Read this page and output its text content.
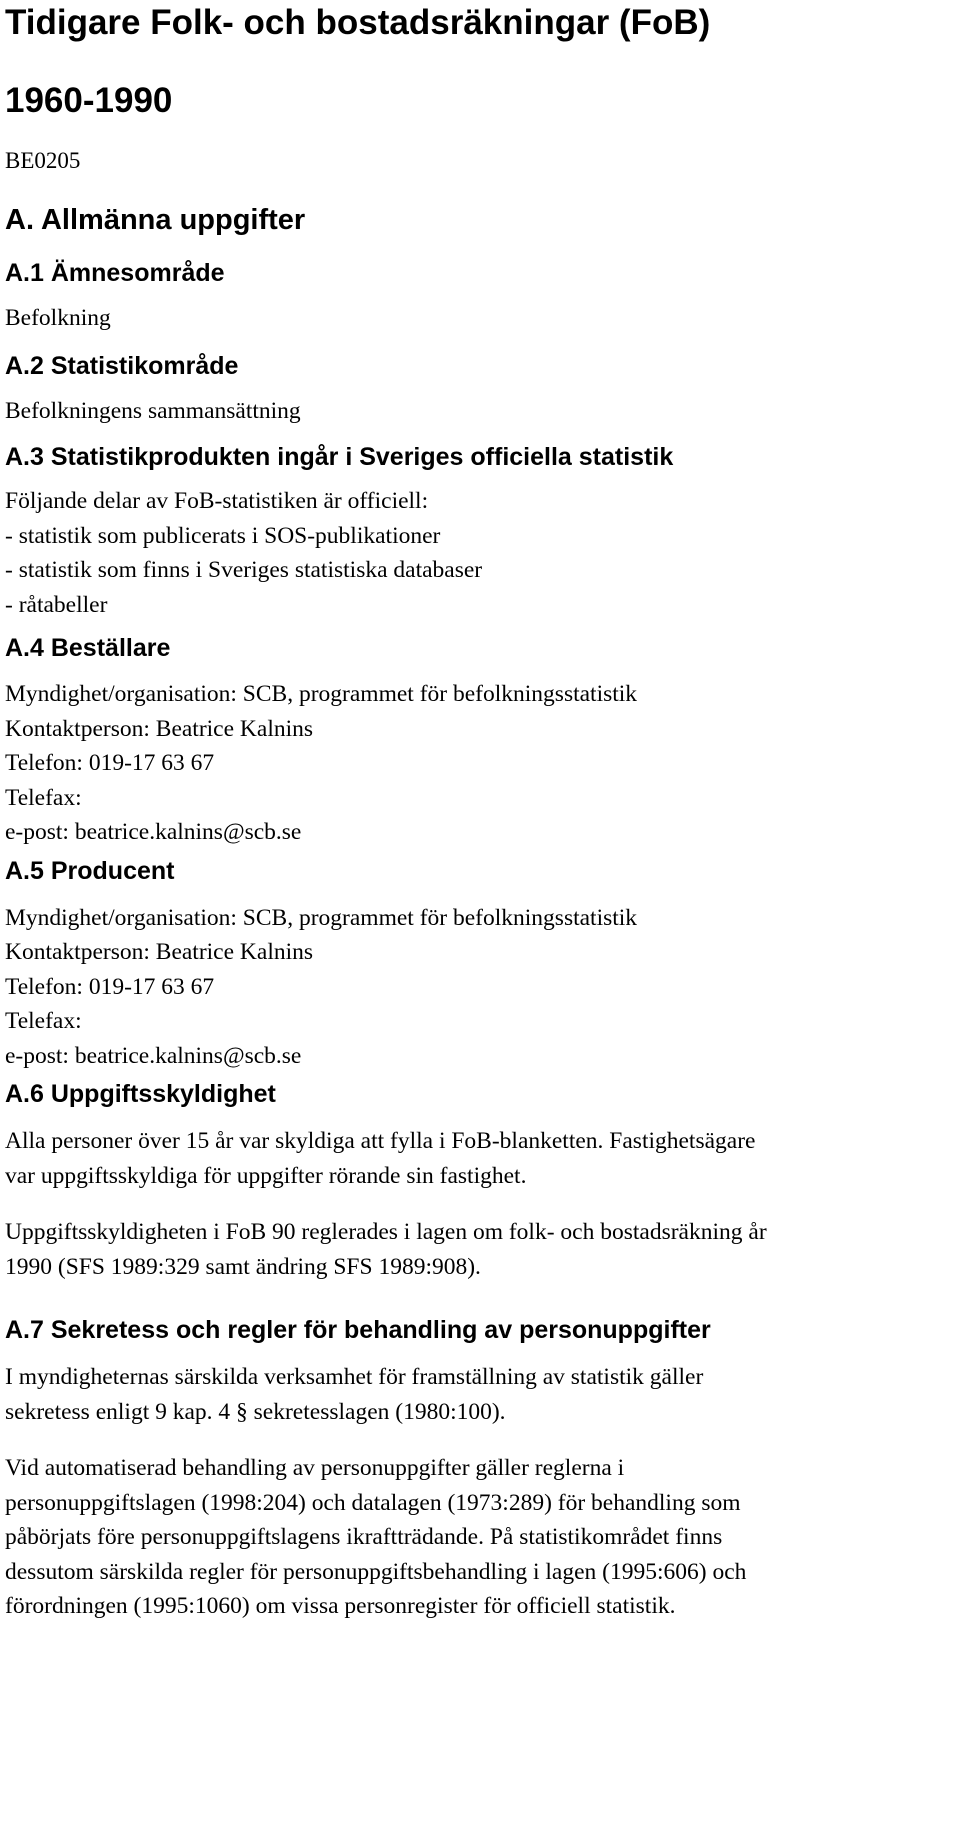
Tidigare Folk- och bostadsräkningar (FoB)
1960-1990
BE0205
A. Allmänna uppgifter
A.1 Ämnesområde
Befolkning
A.2 Statistikområde
Befolkningens sammansättning
A.3 Statistikprodukten ingår i Sveriges officiella statistik
Följande delar av FoB-statistiken är officiell:
- statistik som publicerats i SOS-publikationer
- statistik som finns i Sveriges statistiska databaser
- råtabeller
A.4 Beställare
Myndighet/organisation: SCB, programmet för befolkningsstatistik
Kontaktperson: Beatrice Kalnins
Telefon: 019-17 63 67
Telefax:
e-post: beatrice.kalnins@scb.se
A.5 Producent
Myndighet/organisation: SCB, programmet för befolkningsstatistik
Kontaktperson: Beatrice Kalnins
Telefon: 019-17 63 67
Telefax:
e-post: beatrice.kalnins@scb.se
A.6 Uppgiftsskyldighet
Alla personer över 15 år var skyldiga att fylla i FoB-blanketten. Fastighetsägare
var uppgiftsskyldiga för uppgifter rörande sin fastighet.
Uppgiftsskyldigheten i FoB 90 reglerades i lagen om folk- och bostadsräkning år
1990 (SFS 1989:329 samt ändring SFS 1989:908).
A.7 Sekretess och regler för behandling av personuppgifter
I myndigheternas särskilda verksamhet för framställning av statistik gäller
sekretess enligt 9 kap. 4 § sekretesslagen (1980:100).
Vid automatiserad behandling av personuppgifter gäller reglerna i
personuppgiftslagen (1998:204) och datalagen (1973:289) för behandling som
påbörjats före personuppgiftslagens ikraftträdande. På statistikområdet finns
dessutom särskilda regler för personuppgiftsbehandling i lagen (1995:606) och
förordningen (1995:1060) om vissa personregister för officiell statistik.
